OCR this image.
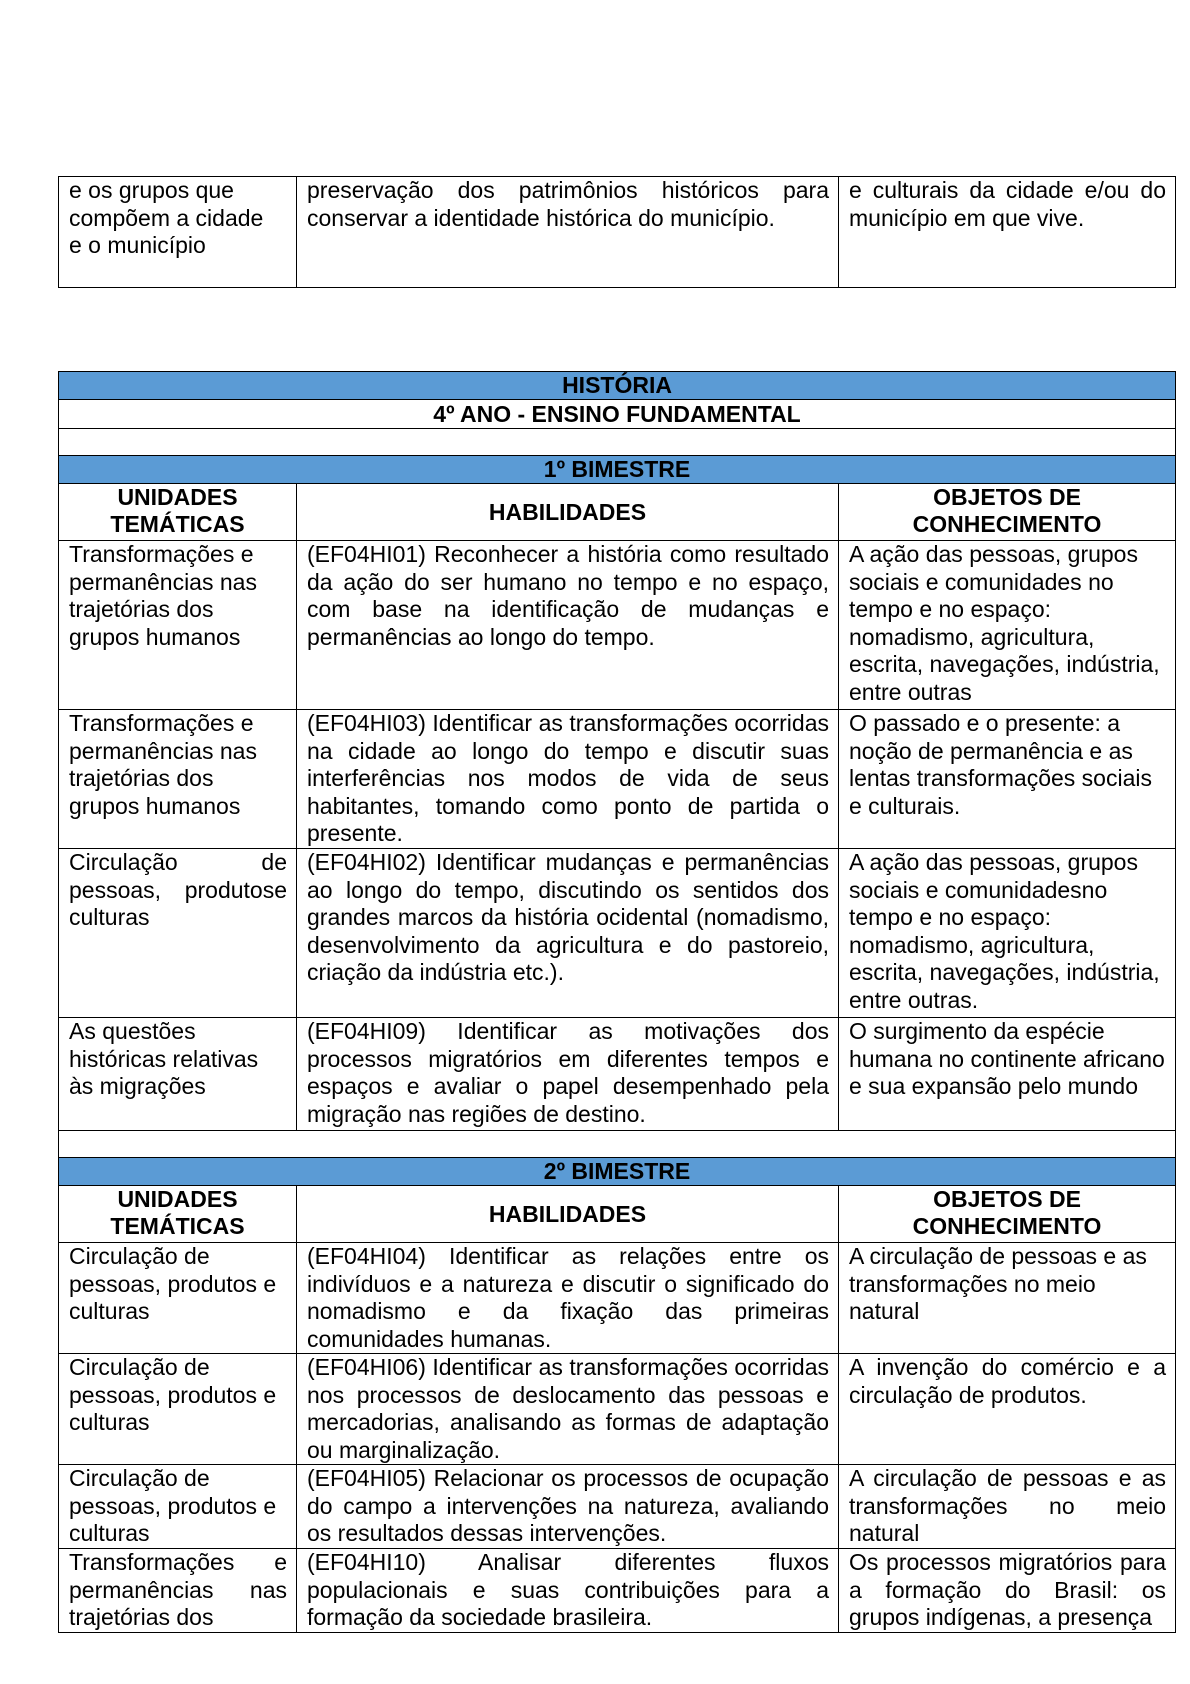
e os grupos que compõem a cidade e o município	preservação dos patrimônios históricos para conservar a identidade histórica do município.	e culturais da cidade e/ou do município em que vive.
HISTÓRIA		
4º ANO - ENSINO FUNDAMENTAL		

1º BIMESTRE		
UNIDADES TEMÁTICAS	HABILIDADES	OBJETOS DE CONHECIMENTO
Transformações e permanências nas trajetórias dos grupos humanos	(EF04HI01) Reconhecer a história como resultado da ação do ser humano no tempo e no espaço, com base na identificação de mudanças e permanências ao longo do tempo.	A ação das pessoas, grupos sociais e comunidades no tempo e no espaço: nomadismo, agricultura, escrita, navegações, indústria, entre outras
Transformações e permanências nas trajetórias dos grupos humanos	(EF04HI03) Identificar as transformações ocorridas na cidade ao longo do tempo e discutir suas interferências nos modos de vida de seus habitantes, tomando como ponto de partida o presente.	O passado e o presente: a noção de permanência e as lentas transformações sociais e culturais.
Circulação de pessoas, produtose culturas	(EF04HI02) Identificar mudanças e permanências ao longo do tempo, discutindo os sentidos dos grandes marcos da história ocidental (nomadismo, desenvolvimento da agricultura e do pastoreio, criação da indústria etc.).	A ação das pessoas, grupos sociais e comunidadesno tempo e no espaço: nomadismo, agricultura, escrita, navegações, indústria, entre outras.
As questões históricas relativas às migrações	(EF04HI09) Identificar as motivações dos processos migratórios em diferentes tempos e espaços e avaliar o papel desempenhado pela migração nas regiões de destino.	O surgimento da espécie humana no continente africano e sua expansão pelo mundo

2º BIMESTRE		
UNIDADES TEMÁTICAS	HABILIDADES	OBJETOS DE CONHECIMENTO
Circulação de pessoas, produtos e culturas	(EF04HI04) Identificar as relações entre os indivíduos e a natureza e discutir o significado do nomadismo e da fixação das primeiras comunidades humanas.	A circulação de pessoas e as transformações no meio natural
Circulação de pessoas, produtos e culturas	(EF04HI06) Identificar as transformações ocorridas nos processos de deslocamento das pessoas e mercadorias, analisando as formas de adaptação ou marginalização.	A invenção do comércio e a circulação de produtos.
Circulação de pessoas, produtos e culturas	(EF04HI05) Relacionar os processos de ocupação do campo a intervenções na natureza, avaliando os resultados dessas intervenções.	A circulação de pessoas e as transformações no meio natural
Transformações e permanências nas trajetórias dos	(EF04HI10) Analisar diferentes fluxos populacionais e suas contribuições para a formação da sociedade brasileira.	Os processos migratórios para a formação do Brasil: os grupos indígenas, a presença
